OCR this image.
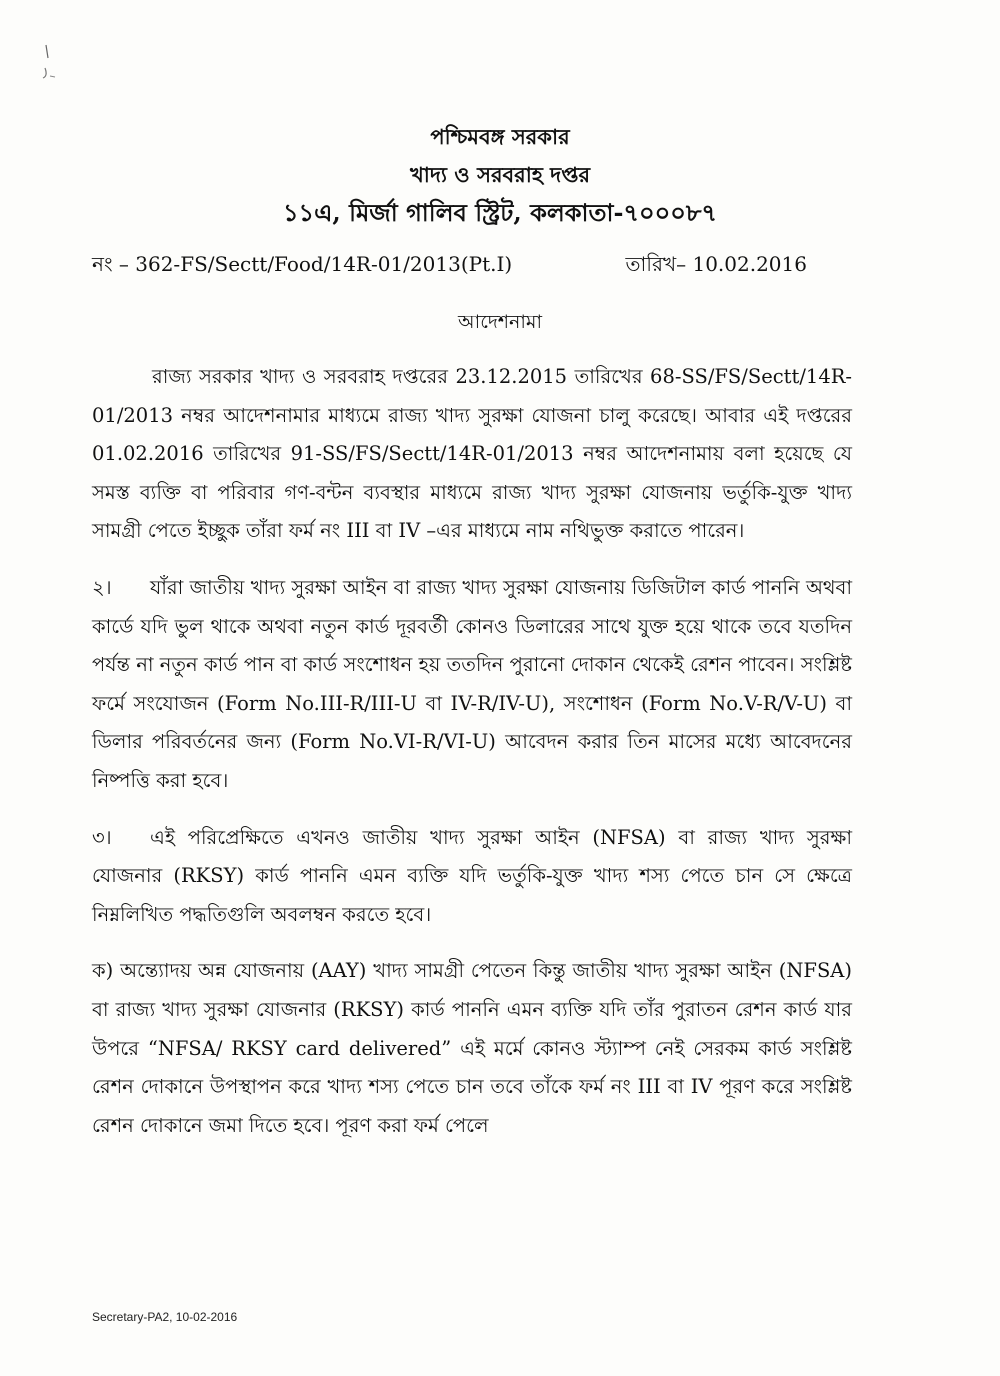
পশ্চিমবঙ্গ সরকার
খাদ্য ও সরবরাহ দপ্তর
১১এ, মির্জা গালিব স্ট্রিট, কলকাতা-৭০০০৮৭
নং – 362-FS/Sectt/Food/14R-01/2013(Pt.I)	তারিখ– 10.02.2016
আদেশনামা

রাজ্য সরকার খাদ্য ও সরবরাহ দপ্তরের 23.12.2015 তারিখের 68-SS/FS/Sectt/14R-01/2013 নম্বর আদেশনামার মাধ্যমে রাজ্য খাদ্য সুরক্ষা যোজনা চালু করেছে। আবার এই দপ্তরের 01.02.2016 তারিখের 91-SS/FS/Sectt/14R-01/2013 নম্বর আদেশনামায় বলা হয়েছে যে সমস্ত ব্যক্তি বা পরিবার গণ-বন্টন ব্যবস্থার মাধ্যমে রাজ্য খাদ্য সুরক্ষা যোজনায় ভর্তুকি-যুক্ত খাদ্য সামগ্রী পেতে ইচ্ছুক তাঁরা ফর্ম নং III বা IV –এর মাধ্যমে নাম নথিভুক্ত করাতে পারেন।

২। যাঁরা জাতীয় খাদ্য সুরক্ষা আইন বা রাজ্য খাদ্য সুরক্ষা যোজনায় ডিজিটাল কার্ড পাননি অথবা কার্ডে যদি ভুল থাকে অথবা নতুন কার্ড দূরবর্তী কোনও ডিলারের সাথে যুক্ত হয়ে থাকে তবে যতদিন পর্যন্ত না নতুন কার্ড পান বা কার্ড সংশোধন হয় ততদিন পুরানো দোকান থেকেই রেশন পাবেন। সংশ্লিষ্ট ফর্মে সংযোজন (Form No.III-R/III-U বা IV-R/IV-U), সংশোধন (Form No.V-R/V-U) বা ডিলার পরিবর্তনের জন্য (Form No.VI-R/VI-U) আবেদন করার তিন মাসের মধ্যে আবেদনের নিষ্পত্তি করা হবে।

৩। এই পরিপ্রেক্ষিতে এখনও জাতীয় খাদ্য সুরক্ষা আইন (NFSA) বা রাজ্য খাদ্য সুরক্ষা যোজনার (RKSY) কার্ড পাননি এমন ব্যক্তি যদি ভর্তুকি-যুক্ত খাদ্য শস্য পেতে চান সে ক্ষেত্রে নিম্নলিখিত পদ্ধতিগুলি অবলম্বন করতে হবে।

ক) অন্ত্যোদয় অন্ন যোজনায় (AAY) খাদ্য সামগ্রী পেতেন কিন্তু জাতীয় খাদ্য সুরক্ষা আইন (NFSA) বা রাজ্য খাদ্য সুরক্ষা যোজনার (RKSY) কার্ড পাননি এমন ব্যক্তি যদি তাঁর পুরাতন রেশন কার্ড যার উপরে “NFSA/ RKSY card delivered” এই মর্মে কোনও স্ট্যাম্প নেই সেরকম কার্ড সংশ্লিষ্ট রেশন দোকানে উপস্থাপন করে খাদ্য শস্য পেতে চান তবে তাঁকে ফর্ম নং III বা IV পূরণ করে সংশ্লিষ্ট রেশন দোকানে জমা দিতে হবে। পূরণ করা ফর্ম পেলে

Secretary-PA2, 10-02-2016
